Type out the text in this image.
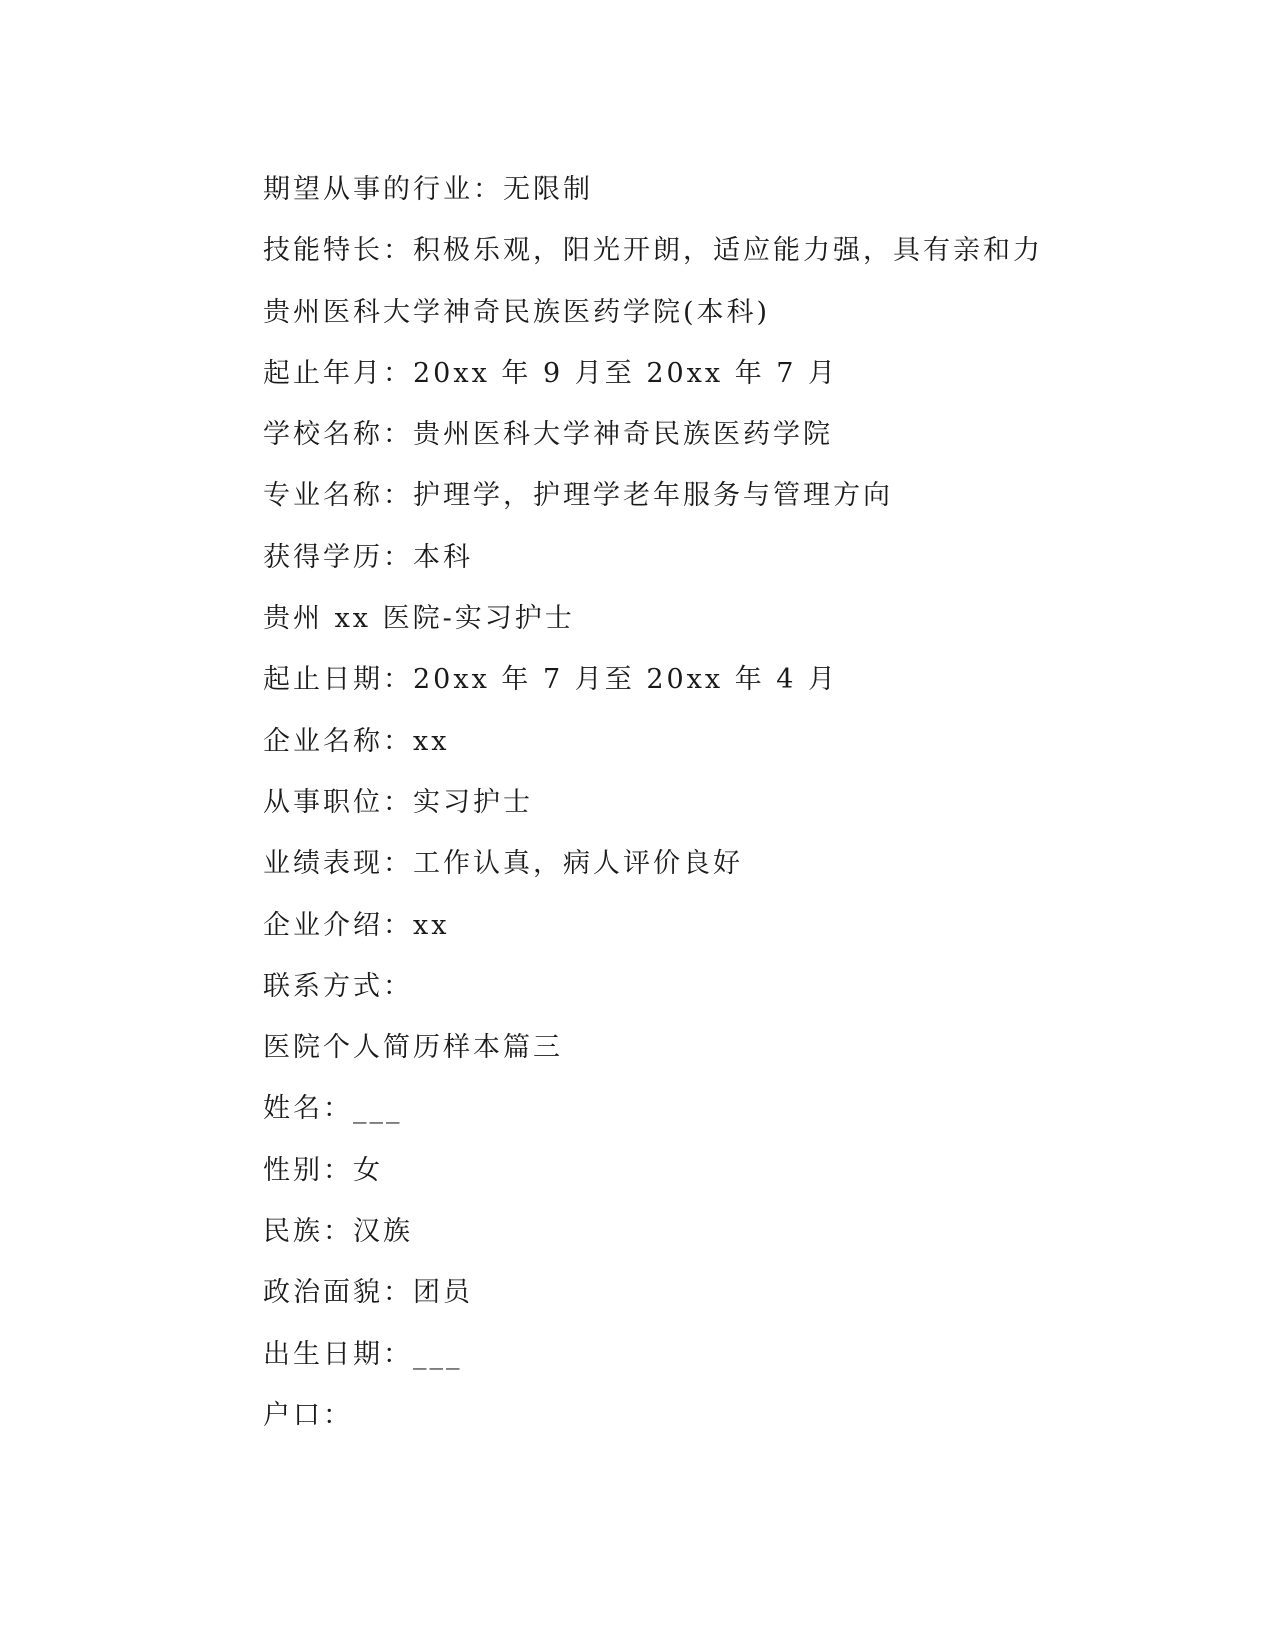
期望从事的行业：无限制
技能特长：积极乐观，阳光开朗，适应能力强，具有亲和力
贵州医科大学神奇民族医药学院(本科)
起止年月：20xx 年 9 月至 20xx 年 7 月
学校名称：贵州医科大学神奇民族医药学院
专业名称：护理学，护理学老年服务与管理方向
获得学历：本科
贵州 xx 医院-实习护士
起止日期：20xx 年 7 月至 20xx 年 4 月
企业名称：xx
从事职位：实习护士
业绩表现：工作认真，病人评价良好
企业介绍：xx
联系方式：
医院个人简历样本篇三
姓名：___
性别：女
民族：汉族
政治面貌：团员
出生日期：___
户口：
